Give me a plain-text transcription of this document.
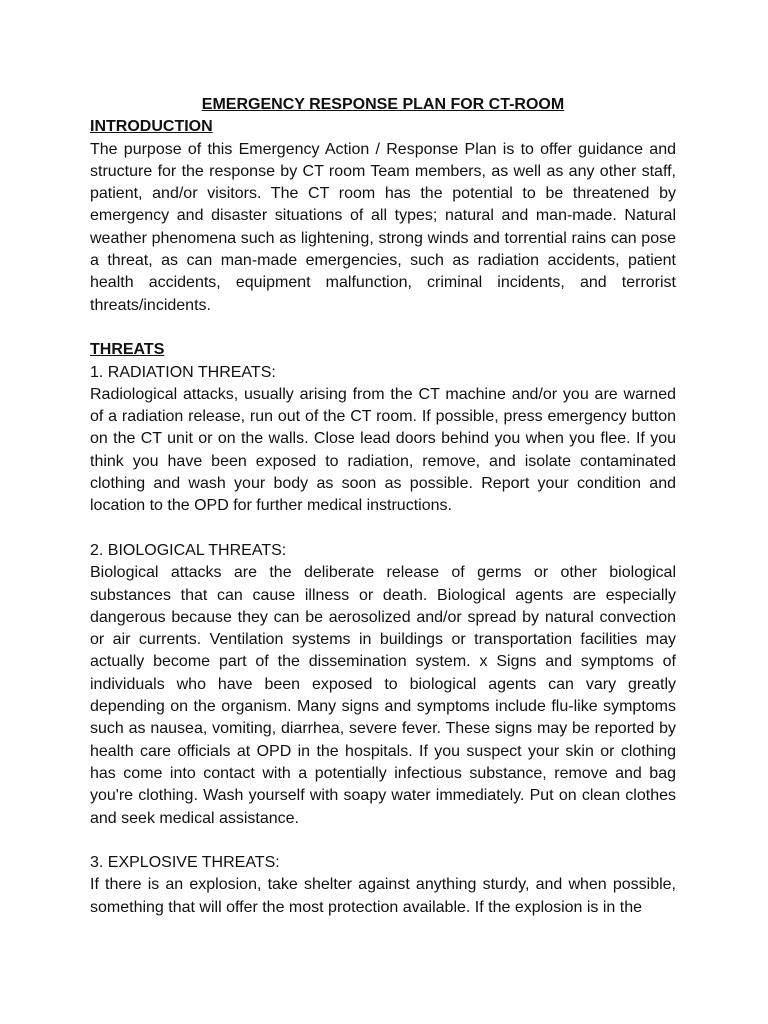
EMERGENCY RESPONSE PLAN FOR CT-ROOM

INTRODUCTION

The purpose of this Emergency Action / Response Plan is to offer guidance and structure for the response by CT room Team members, as well as any other staff, patient, and/or visitors. The CT room has the potential to be threatened by emergency and disaster situations of all types; natural and man-made. Natural weather phenomena such as lightening, strong winds and torrential rains can pose a threat, as can man-made emergencies, such as radiation accidents, patient health accidents, equipment malfunction, criminal incidents, and terrorist threats/incidents.

THREATS

1. RADIATION THREATS:

Radiological attacks, usually arising from the CT machine and/or you are warned of a radiation release, run out of the CT room. If possible, press emergency button on the CT unit or on the walls. Close lead doors behind you when you flee. If you think you have been exposed to radiation, remove, and isolate contaminated clothing and wash your body as soon as possible. Report your condition and location to the OPD for further medical instructions.

2. BIOLOGICAL THREATS:

Biological attacks are the deliberate release of germs or other biological substances that can cause illness or death. Biological agents are especially dangerous because they can be aerosolized and/or spread by natural convection or air currents. Ventilation systems in buildings or transportation facilities may actually become part of the dissemination system. x Signs and symptoms of individuals who have been exposed to biological agents can vary greatly depending on the organism. Many signs and symptoms include flu-like symptoms such as nausea, vomiting, diarrhea, severe fever. These signs may be reported by health care officials at OPD in the hospitals. If you suspect your skin or clothing has come into contact with a potentially infectious substance, remove and bag you're clothing. Wash yourself with soapy water immediately. Put on clean clothes and seek medical assistance.

3. EXPLOSIVE THREATS:

If there is an explosion, take shelter against anything sturdy, and when possible, something that will offer the most protection available. If the explosion is in the
